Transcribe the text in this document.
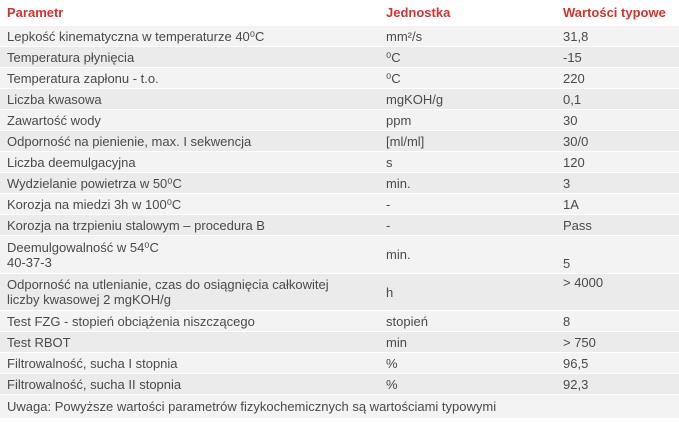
Parametr	Jednostka	Wartości typowe
Lepkość kinematyczna w temperaturze 40⁰C	mm²/s	31,8
Temperatura płynięcia	⁰C	-15
Temperatura zapłonu - t.o.	⁰C	220
Liczba kwasowa	mgKOH/g	0,1
Zawartość wody	ppm	30
Odporność na pienienie, max. I sekwencja	[ml/ml]	30/0
Liczba deemulgacyjna	s	120
Wydzielanie powietrza w 50⁰C	min.	3
Korozja na miedzi 3h w 100⁰C	-	1A
Korozja na trzpieniu stalowym – procedura B	-	Pass
Deemulgowalność w 54⁰C
40-37-3	min.	5
Odporność na utlenianie, czas do osiągnięcia całkowitej
liczby kwasowej 2 mgKOH/g	h	> 4000
Test FZG - stopień obciążenia niszczącego	stopień	8
Test RBOT	min	> 750
Filtrowalność, sucha I stopnia	%	96,5
Filtrowalność, sucha II stopnia	%	92,3
Uwaga: Powyższe wartości parametrów fizykochemicznych są wartościami typowymi		
